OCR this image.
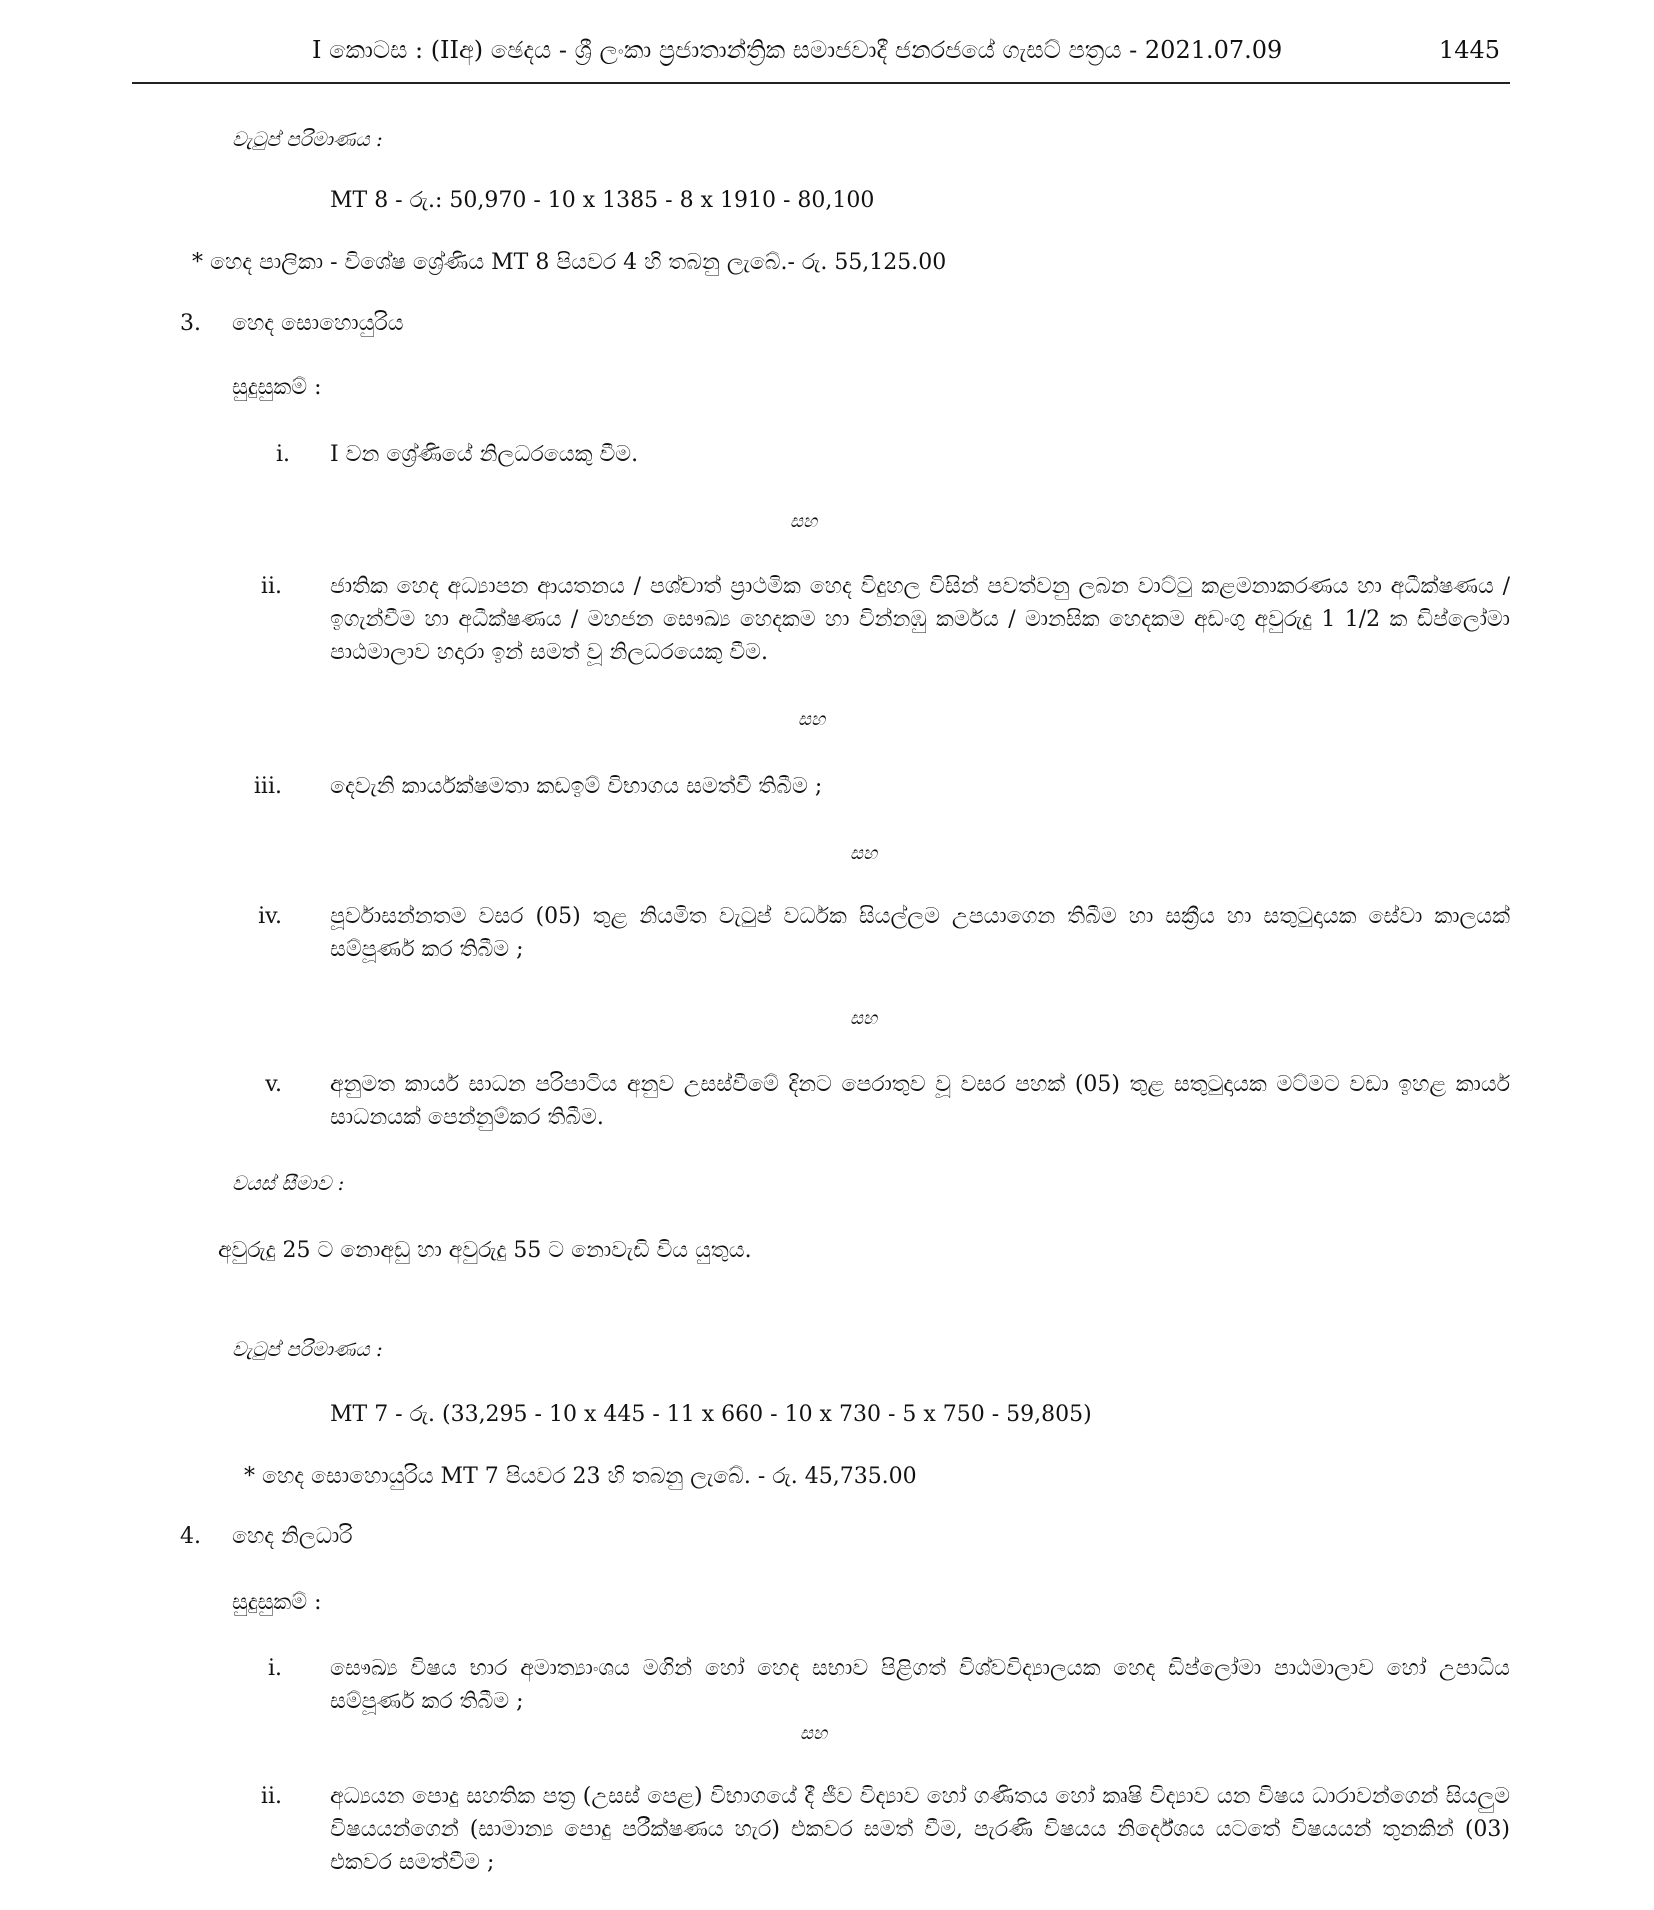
I කොටස : (IIඅ) ඡෙදය - ශ්‍රී ලංකා ප්‍රජාතාන්ත්‍රික සමාජවාදී ජනරජයේ ගැසට් පත්‍රය - 2021.07.09	1445
වැටුප් පරිමාණය :
MT 8 - රු.: 50,970 - 10 x 1385 - 8 x 1910 - 80,100
* හෙද පාලිකා - විශේෂ ශ්‍රේණිය MT 8 පියවර 4 හි තබනු ලැබේ.- රු. 55,125.00
3. හෙද සොහොයුරිය
සුදුසුකම් :
i. I වන ශ්‍රේණියේ නිලධරයෙකු වීම.
සහ
ii. ජාතික හෙද අධ්‍යාපන ආයතනය / පශ්චාත් ප්‍රාථමික හෙද විදුහල විසින් පවත්වනු ලබන වාට්ටු කළමනාකරණය හා අධීක්ෂණය / ඉගැන්වීම හා අධීක්ෂණය / මහජන සෞඛ්‍ය හෙදකම හා වින්නඹු කර්මය / මානසික හෙදකම අඩංගු අවුරුදු 1 1/2 ක ඩිප්ලෝමා පාඨමාලාව හදාරා ඉන් සමත් වූ නිලධරයෙකු වීම.
සහ
iii. දෙවැනි කාර්යක්ෂමතා කඩඉම් විභාගය සමත්වී තිබීම ;
සහ
iv. පූර්වාසන්නතම වසර (05) තුළ නියමිත වැටුප් වර්ධක සියල්ලම උපයාගෙන තිබීම හා සක්‍රීය හා සතුටුදායක සේවා කාලයක් සම්පූර්ණ කර තිබීම ;
සහ
v. අනුමත කාර්ය සාධන පරිපාටිය අනුව උසස්වීමේ දිනට පෙරාතුව වූ වසර පහක් (05) තුළ සතුටුදායක මට්මට වඩා ඉහළ කාර්ය සාධනයක් පෙන්නුම්කර තිබීම.
වයස් සීමාව :
අවුරුදු 25 ට නොඅඩු හා අවුරුදු 55 ට නොවැඩි විය යුතුය.
වැටුප් පරිමාණය :
MT 7 - රු. (33,295 - 10 x 445 - 11 x 660 - 10 x 730 - 5 x 750 - 59,805)
* හෙද සොහොයුරිය MT 7 පියවර 23 හි තබනු ලැබේ. - රු. 45,735.00
4. හෙද නිලධාරි
සුදුසුකම් :
i. සෞඛ්‍ය විෂය භාර අමාත්‍යාංශය මගින් හෝ හෙද සභාව පිළිගත් විශ්වවිද්‍යාලයක හෙද ඩිප්ලෝමා පාඨමාලාව හෝ උපාධිය සම්පූර්ණ කර තිබීම ;
සහ
ii. අධ්‍යයන පොදු සහතික පත්‍ර (උසස් පෙළ) විභාගයේ දී ජීව විද්‍යාව හෝ ගණිතය හෝ කෘෂි විද්‍යාව යන විෂය ධාරාවන්ගෙන් සියලුම විෂයයන්ගෙන් (සාමාන්‍ය පොදු පරීක්ෂණය හැර) එකවර සමත් වීම, පැරණි විෂයය නිර්දේශය යටතේ විෂයයන් තුනකින් (03) එකවර සමත්වීම ;
